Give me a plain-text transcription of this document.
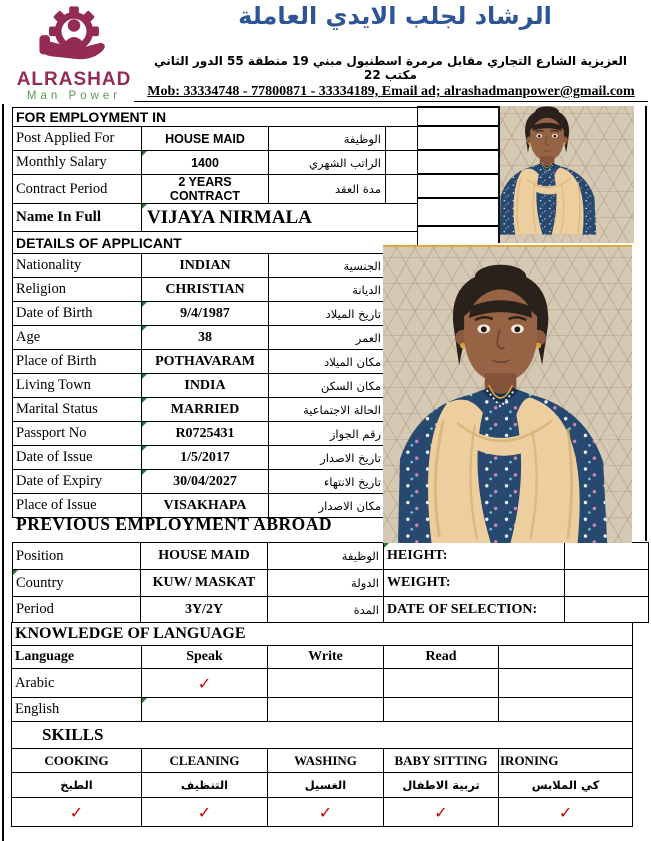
ALRASHAD
Man Power
الرشاد لجلب الايدي العاملة
العزيزية الشارع التجاري مقابل مرمرة اسطنبول مبني 19 منطقة 55 الدور الثاني مكتب 22
Mob: 33334748 - 77800871 - 33334189, Email ad; alrashadmanpower@gmail.com
FOR EMPLOYMENT IN			
Post Applied For	HOUSE MAID	الوظيفة	
Monthly Salary	1400	الراتب الشهري	
Contract Period	2 YEARS CONTRACT	مدة العقد	
Name In Full	VIJAYA NIRMALA		
DETAILS OF APPLICANT			
Nationality	INDIAN	الجنسية	
Religion	CHRISTIAN	الديانة	
Date of Birth	9/4/1987	تاريخ الميلاد	
Age	38	العمر	
Place of Birth	POTHAVARAM	مكان الميلاد	
Living Town	INDIA	مكان السكن	
Marital Status	MARRIED	الحالة الاجتماعية	
Passport No	R0725431	رقم الجواز	
Date of Issue	1/5/2017	تاريخ الاصدار	
Date of Expiry	30/04/2027	تاريخ الانتهاء	
Place of Issue	VISAKHAPA	مكان الاصدار	
PREVIOUS EMPLOYMENT ABROAD
Position	HOUSE MAID	الوظيفة	HEIGHT:	
Country	KUW/ MASKAT	الدولة	WEIGHT:	
Period	3Y/2Y	المدة	DATE OF SELECTION:	
KNOWLEDGE OF LANGUAGE				
Language	Speak	Write	Read	
Arabic	✓			
English				
SKILLS				
COOKING	CLEANING	WASHING	BABY SITTING	IRONING
الطبخ	التنظيف	الغسيل	تربية الاطفال	كي الملابس
✓	✓	✓	✓	✓
